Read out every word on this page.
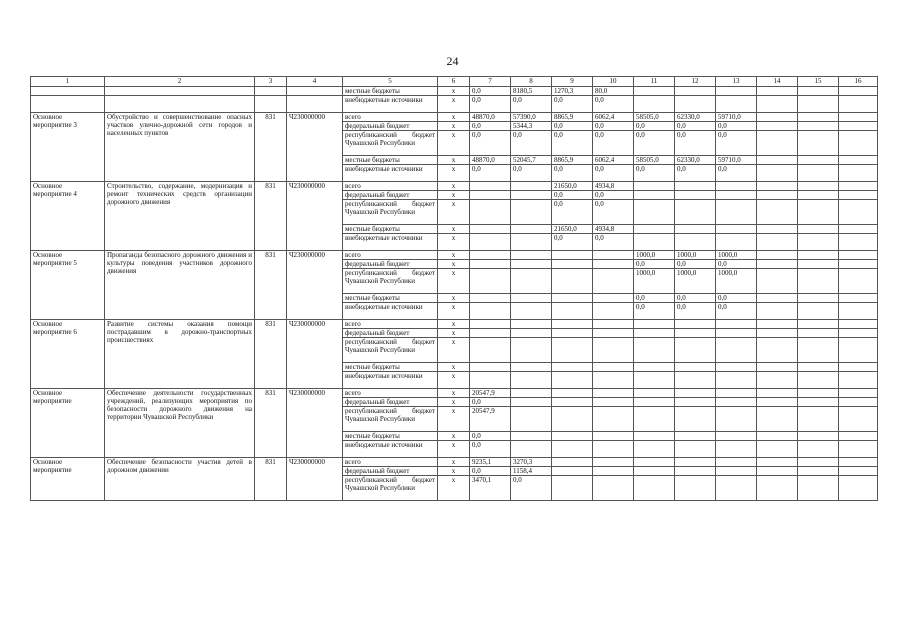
24
1	2	3	4	5	6	7	8	9	10	11	12	13	14	15	16
				местные бюджеты	x	0,0	8180,5	1270,3	80,0						
				внебюджетные источники	x	0,0	0,0	0,0	0,0						
Основное мероприятие 3	Обустройство и совершенствование опасных участков улично-дорожной сети городов и населенных пунктов	831	Ч230000000	всего	x	48870,0	57390,0	8865,9	6062,4	58505,0	62330,0	59710,0			
				федеральный бюджет	x	0,0	5344,3	0,0	0,0	0,0	0,0	0,0			
				республиканский бюджет Чувашской Республики	x	0,0	0,0	0,0	0,0	0,0	0,0	0,0			
				местные бюджеты	x	48870,0	52045,7	8865,9	6062,4	58505,0	62330,0	59710,0			
				внебюджетные источники	x	0,0	0,0	0,0	0,0	0,0	0,0	0,0			
Основное мероприятие 4	Строительство, содержание, модернизация и ремонт технических средств организации дорожного движения	831	Ч230000000	всего	x			21650,0	4934,8						
				федеральный бюджет	x			0,0	0,0						
				республиканский бюджет Чувашской Республики	x			0,0	0,0						
				местные бюджеты	x			21650,0	4934,8						
				внебюджетные источники	x			0,0	0,0						
Основное мероприятие 5	Пропаганда безопасного дорожного движения и культуры поведения участников дорожного движения	831	Ч230000000	всего	x					1000,0	1000,0	1000,0			
				федеральный бюджет	x					0,0	0,0	0,0			
				республиканский бюджет Чувашской Республики	x					1000,0	1000,0	1000,0			
				местные бюджеты	x					0,0	0,0	0,0			
				внебюджетные источники	x					0,0	0,0	0,0			
Основное мероприятие 6	Развитие системы оказания помощи пострадавшим в дорожно-транспортных происшествиях	831	Ч230000000	всего	x										
				федеральный бюджет	x										
				республиканский бюджет Чувашской Республики	x										
				местные бюджеты	x										
				внебюджетные источники	x										
Основное мероприятие	Обеспечение деятельности государственных учреждений, реализующих мероприятия по безопасности дорожного движения на территории Чувашской Республики	831	Ч230000000	всего	x	20547,9									
				федеральный бюджет	x	0,0									
				республиканский бюджет Чувашской Республики	x	20547,9									
				местные бюджеты	x	0,0									
				внебюджетные источники	x	0,0									
Основное мероприятие	Обеспечение безопасности участия детей в дорожном движении	831	Ч230000000	всего	x	9235,1	3270,3								
				федеральный бюджет	x	0,0	1158,4								
				республиканский бюджет Чувашской Республики	x	3470,1	0,0								
